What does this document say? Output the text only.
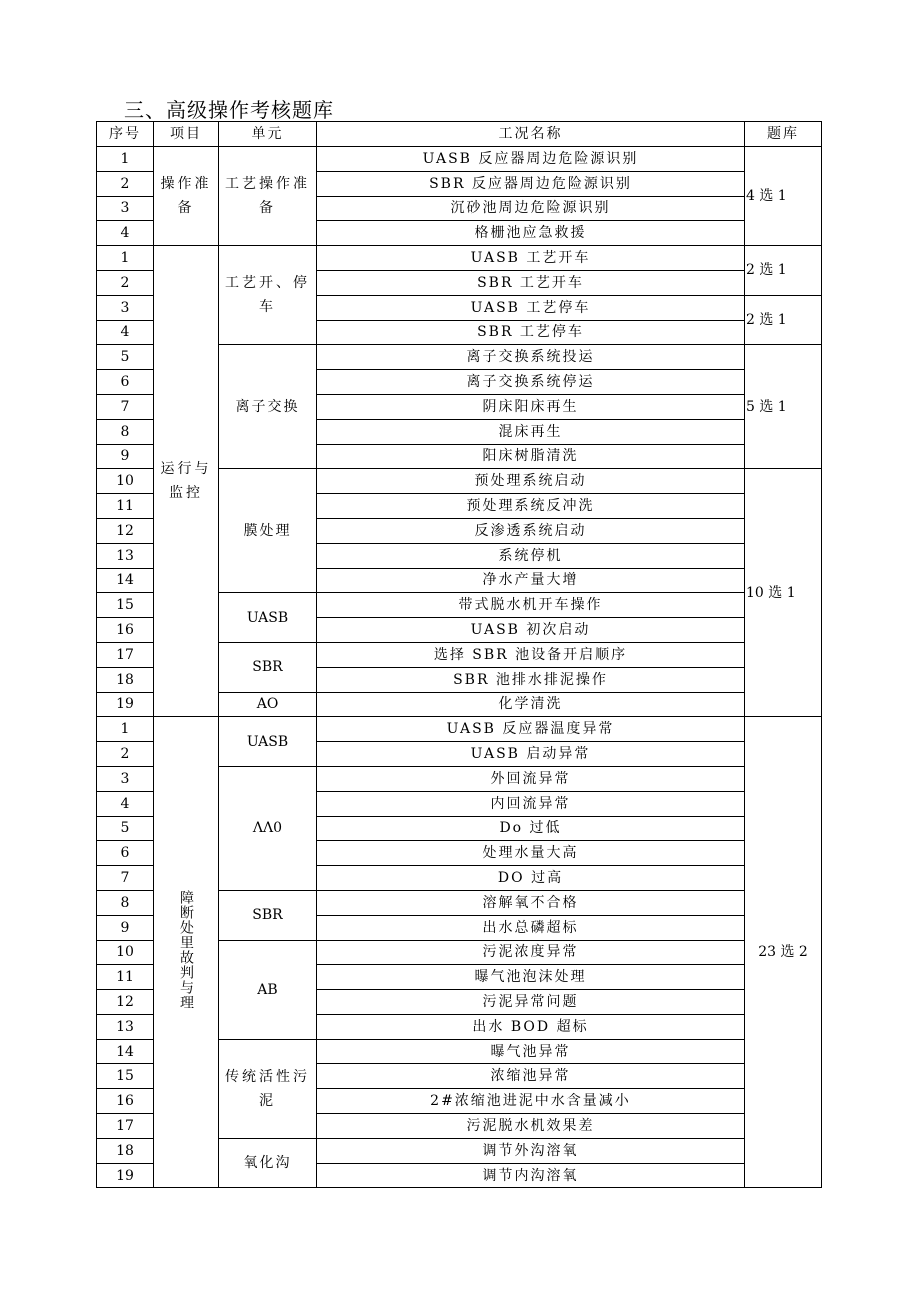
三、高级操作考核题库
序号	项目	单元	工况名称	题库
1	操作准备	工艺操作准备	UASB 反应器周边危险源识别	4 选 1
2			SBR 反应器周边危险源识别	
3			沉砂池周边危险源识别	
4			格栅池应急救援	
1	运行与监控	工艺开、停车	UASB 工艺开车	2 选 1
2			SBR 工艺开车	
3			UASB 工艺停车	2 选 1
4			SBR 工艺停车	
5		离子交换	离子交换系统投运	5 选 1
6			离子交换系统停运	
7			阴床阳床再生	
8			混床再生	
9			阳床树脂清洗	
10		膜处理	预处理系统启动	10 选 1
11			预处理系统反冲洗	
12			反渗透系统启动	
13			系统停机	
14			净水产量大增	
15		UASB	带式脱水机开车操作	
16			UASB 初次启动	
17		SBR	选择 SBR 池设备开启顺序	
18			SBR 池排水排泥操作	
19		AO	化学清洗	
1	障断处里故判与理	UASB	UASB 反应器温度异常	23 选 2
2			UASB 启动异常	
3		ΛΛ0	外回流异常	
4			内回流异常	
5			Do 过低	
6			处理水量大高	
7			DO 过高	
8		SBR	溶解氧不合格	
9			出水总磷超标	
10		AB	污泥浓度异常	
11			曝气池泡沫处理	
12			污泥异常问题	
13			出水 BOD 超标	
14		传统活性污泥	曝气池异常	
15			浓缩池异常	
16			2#浓缩池进泥中水含量减小	
17			污泥脱水机效果差	
18		氧化沟	调节外沟溶氧	
19			调节内沟溶氧	
